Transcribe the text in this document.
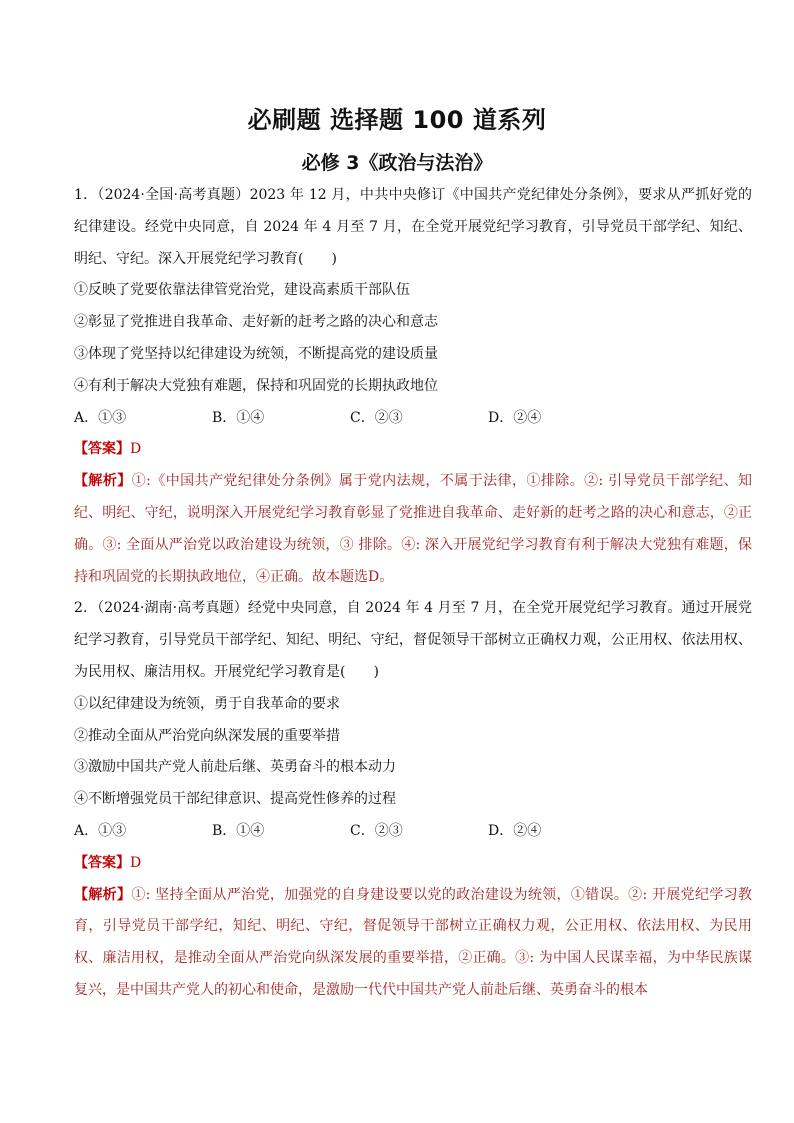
必刷题 选择题 100 道系列
必修 3《政治与法治》

1．（2024·全国·高考真题）2023 年 12 月，中共中央修订《中国共产党纪律处分条例》，要求从严抓好党的纪律建设。经党中央同意，自 2024 年 4 月至 7 月，在全党开展党纪学习教育，引导党员干部学纪、知纪、明纪、守纪。深入开展党纪学习教育(　　)

①反映了党要依靠法律管党治党，建设高素质干部队伍

②彰显了党推进自我革命、走好新的赶考之路的决心和意志

③体现了党坚持以纪律建设为统领，不断提高党的建设质量

④有利于解决大党独有难题，保持和巩固党的长期执政地位

A．①③	B．①④	C．②③	D．②④

【答案】D

【解析】①:《中国共产党纪律处分条例》属于党内法规，不属于法律，①排除。②: 引导党员干部学纪、知纪、明纪、守纪，说明深入开展党纪学习教育彰显了党推进自我革命、走好新的赶考之路的决心和意志，②正确。③: 全面从严治党以政治建设为统领，③ 排除。④: 深入开展党纪学习教育有利于解决大党独有难题，保持和巩固党的长期执政地位，④正确。故本题选D。

2．（2024·湖南·高考真题）经党中央同意，自 2024 年 4 月至 7 月，在全党开展党纪学习教育。通过开展党纪学习教育，引导党员干部学纪、知纪、明纪、守纪，督促领导干部树立正确权力观，公正用权、依法用权、为民用权、廉洁用权。开展党纪学习教育是(　　)

①以纪律建设为统领，勇于自我革命的要求

②推动全面从严治党向纵深发展的重要举措

③激励中国共产党人前赴后继、英勇奋斗的根本动力

④不断增强党员干部纪律意识、提高党性修养的过程

A．①③	B．①④	C．②③	D．②④

【答案】D

【解析】①: 坚持全面从严治党，加强党的自身建设要以党的政治建设为统领，①错误。②: 开展党纪学习教育，引导党员干部学纪，知纪、明纪、守纪，督促领导干部树立正确权力观，公正用权、依法用权、为民用权、廉洁用权，是推动全面从严治党向纵深发展的重要举措，②正确。③: 为中国人民谋幸福，为中华民族谋复兴，是中国共产党人的初心和使命，是激励一代代中国共产党人前赴后继、英勇奋斗的根本
